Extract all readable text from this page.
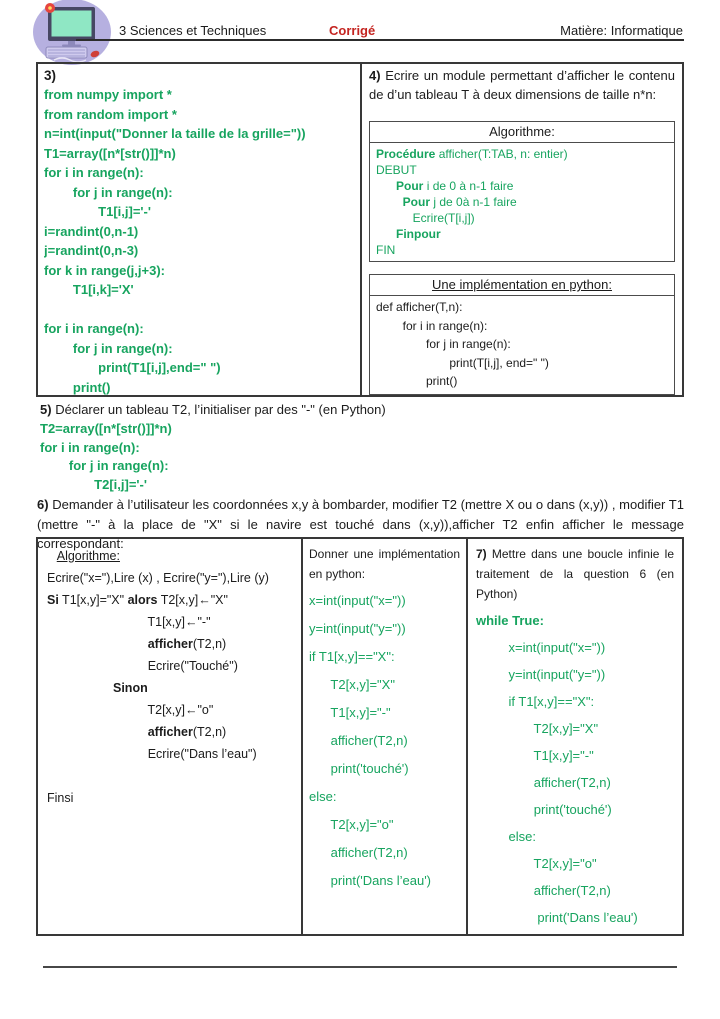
3 Sciences et Techniques	Corrigé	Matière: Informatique
3)
from numpy import *
from random import *
n=int(input("Donner la taille de la grille="))
T1=array([n*[str()]]*n)
for i in range(n):
for j in range(n):
T1[i,j]='-'
i=randint(0,n-1)
j=randint(0,n-3)
for k in range(j,j+3):
T1[i,k]='X'

for i in range(n):
for j in range(n):
print(T1[i,j],end=" ")
print()

4) Ecrire un module permettant d’afficher le contenu de d’un tableau T à deux dimensions de taille n*n:

Algorithme:
Procédure afficher(T:TAB, n: entier)
DEBUT
Pour i de 0 à n-1 faire
Pour j de 0à n-1 faire
Ecrire(T[i,j])
Finpour
FIN
Une implémentation en python:
def afficher(T,n):
for i in range(n):
for j in range(n):
print(T[i,j], end=" ")
print()

5) Déclarer un tableau T2, l’initialiser par des "-" (en Python)

T2=array([n*[str()]]*n)
for i in range(n):
for j in range(n):
T2[i,j]='-'

6) Demander à l’utilisateur les coordonnées x,y à bombarder, modifier T2 (mettre X ou o dans (x,y)) , modifier T1 (mettre "-" à la place de "X" si le navire est touché dans (x,y)),afficher T2 enfin afficher le message correspondant:

Algorithme:
Ecrire("x="),Lire (x) , Ecrire("y="),Lire (y)
Si T1[x,y]="X" alors T2[x,y]←"X"
T1[x,y]←"-"
afficher(T2,n)
Ecrire("Touché")
Sinon
T2[x,y]←"o"
afficher(T2,n)
Ecrire("Dans l’eau")

Finsi

Donner une implémentation en python:

x=int(input("x="))
y=int(input("y="))
if T1[x,y]=="X":
T2[x,y]="X"
T1[x,y]="-"
afficher(T2,n)
print('touché')
else:
T2[x,y]="o"
afficher(T2,n)
print('Dans l’eau')

7) Mettre dans une boucle infinie le traitement de la question 6 (en Python)

while True:
x=int(input("x="))
y=int(input("y="))
if T1[x,y]=="X":
T2[x,y]="X"
T1[x,y]="-"
afficher(T2,n)
print('touché')
else:
T2[x,y]="o"
afficher(T2,n)
print('Dans l’eau')
